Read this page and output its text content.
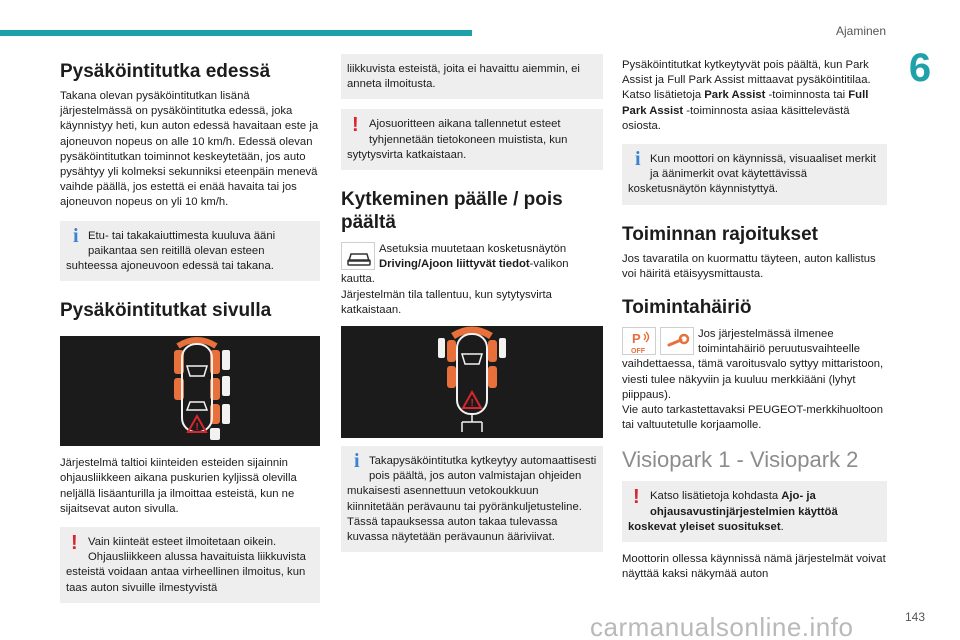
Ajaminen
6
carmanualsonline.info	143
Pysäköintitutka edessä

Takana olevan pysäköintitutkan lisänä järjestelmässä on pysäköintitutka edessä, joka käynnistyy heti, kun auton edessä havaitaan este ja ajoneuvon nopeus on alle 10 km/h. Edessä olevan pysäköintitutkan toiminnot keskeytetään, jos auto pysähtyy yli kolmeksi sekunniksi eteenpäin menevä vaihde päällä, jos estettä ei enää havaita tai jos ajoneuvon nopeus on yli 10 km/h.

i Etu- tai takakaiuttimesta kuuluva ääni paikantaa sen reitillä olevan esteen suhteessa ajoneuvoon edessä tai takana.
Pysäköintitutkat sivulla
!

Järjestelmä taltioi kiinteiden esteiden sijainnin ohjausliikkeen aikana puskurien kyljissä olevilla neljällä lisäanturilla ja ilmoittaa esteistä, kun ne sijaitsevat auton sivulla.

! Vain kiinteät esteet ilmoitetaan oikein. Ohjausliikkeen alussa havaituista liikkuvista esteistä voidaan antaa virheellinen ilmoitus, kun taas auton sivuille ilmestyvistä
liikkuvista esteistä, joita ei havaittu aiemmin, ei anneta ilmoitusta.
! Ajosuoritteen aikana tallennetut esteet tyhjennetään tietokoneen muistista, kun sytytysvirta katkaistaan.
Kytkeminen päälle / pois päältä

Asetuksia muutetaan kosketusnäytön Driving/Ajoon liittyvät tiedot-valikon kautta.

Järjestelmän tila tallentuu, kun sytytysvirta katkaistaan.

!
i Takapysäköintitutka kytkeytyy automaattisesti pois päältä, jos auton valmistajan ohjeiden mukaisesti asennettuun vetokoukkuun kiinnitetään perävaunu tai pyöränkuljetusteline. Tässä tapauksessa auton takaa tulevassa kuvassa näytetään perävaunun ääriviivat.

Pysäköintitutkat kytkeytyvät pois päältä, kun Park Assist ja Full Park Assist mittaavat pysäköintitilaa.

Katso lisätietoja Park Assist -toiminnosta tai Full Park Assist -toiminnosta asiaa käsittelevästä osiosta.

i Kun moottori on käynnissä, visuaaliset merkit ja äänimerkit ovat käytettävissä kosketusnäytön käynnistyttyä.
Toiminnan rajoitukset

Jos tavaratila on kuormattu täyteen, auton kallistus voi häiritä etäisyysmittausta.

Toimintahäiriö
P
OFF

Jos järjestelmässä ilmenee toimintahäiriö peruutusvaihteelle vaihdettaessa, tämä varoitusvalo syttyy mittaristoon, viesti tulee näkyviin ja kuuluu merkkiääni (lyhyt piippaus).

Vie auto tarkastettavaksi PEUGEOT-merkkihuoltoon tai valtuutetulle korjaamolle.

Visiopark 1 - Visiopark 2
! Katso lisätietoja kohdasta Ajo- ja ohjausavustinjärjestelmien käyttöä koskevat yleiset suositukset.

Moottorin ollessa käynnissä nämä järjestelmät voivat näyttää kaksi näkymää auton
